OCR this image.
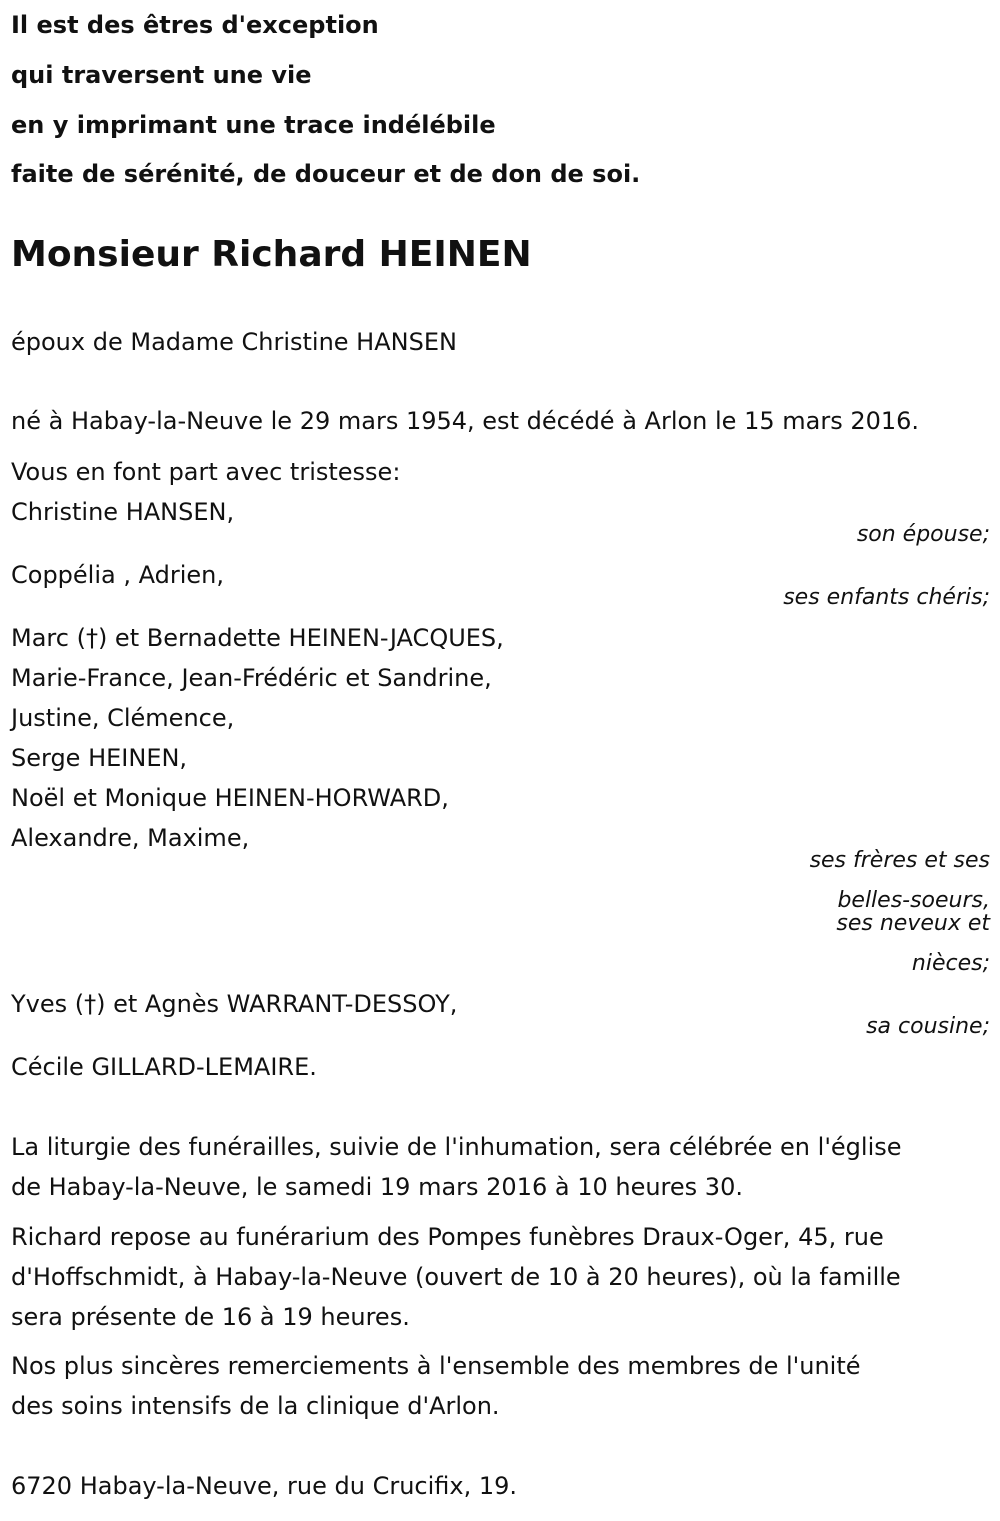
Il est des êtres d'exception
qui traversent une vie
en y imprimant une trace indélébile
faite de sérénité, de douceur et de don de soi.
Monsieur Richard HEINEN
époux de Madame Christine HANSEN
né à Habay-la-Neuve le 29 mars 1954, est décédé à Arlon le 15 mars 2016.
Vous en font part avec tristesse:
Christine HANSEN,
son épouse;
Coppélia , Adrien,
ses enfants chéris;
Marc (†) et Bernadette HEINEN-JACQUES,
Marie-France, Jean-Frédéric et Sandrine,
Justine, Clémence,
Serge HEINEN,
Noël et Monique HEINEN-HORWARD,
Alexandre, Maxime,
ses frères et ses
belles-soeurs,
ses neveux et
nièces;
Yves (†) et Agnès WARRANT-DESSOY,
sa cousine;
Cécile GILLARD-LEMAIRE.
La liturgie des funérailles, suivie de l'inhumation, sera célébrée en l'église
de Habay-la-Neuve, le samedi 19 mars 2016 à 10 heures 30.
Richard repose au funérarium des Pompes funèbres Draux-Oger, 45, rue
d'Hoffschmidt, à Habay-la-Neuve (ouvert de 10 à 20 heures), où la famille
sera présente de 16 à 19 heures.
Nos plus sincères remerciements à l'ensemble des membres de l'unité
des soins intensifs de la clinique d'Arlon.
6720 Habay-la-Neuve, rue du Crucifix, 19.
